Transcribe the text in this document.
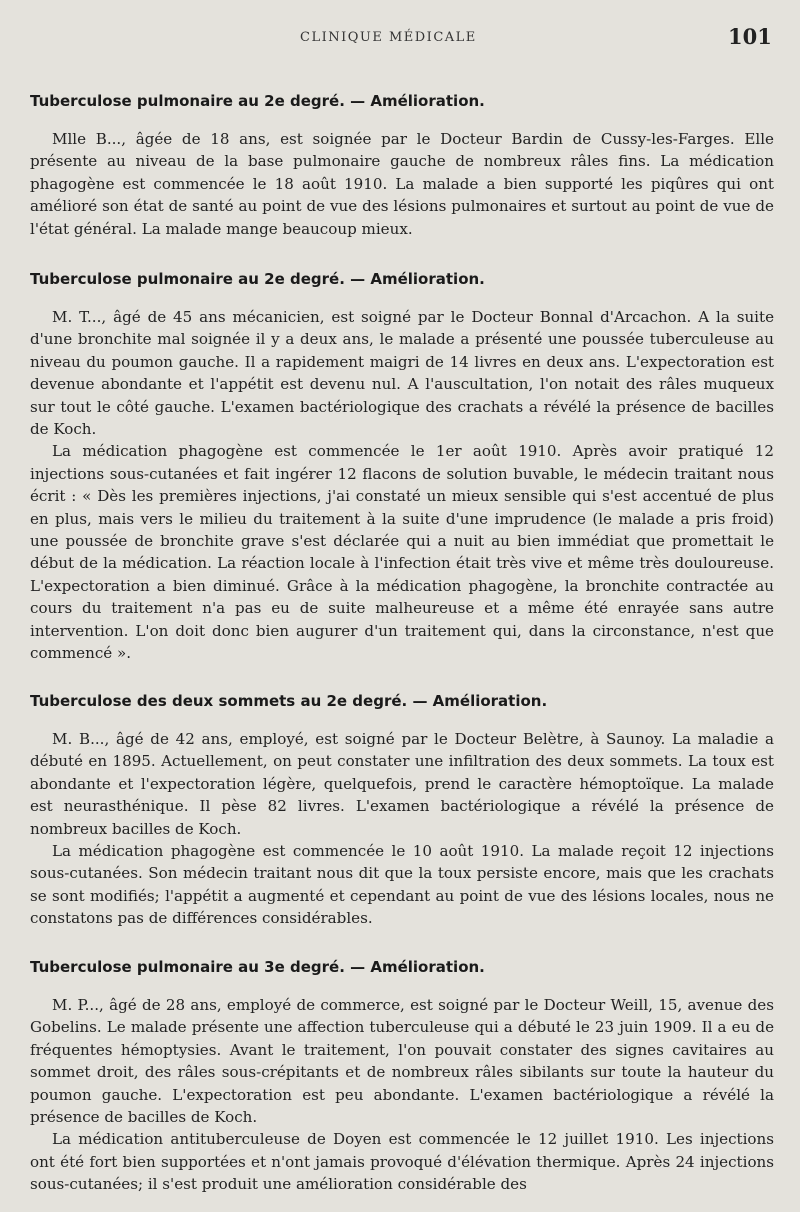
CLINIQUE MÉDICALE	101
Tuberculose pulmonaire au 2e degré. — Amélioration.

Mlle B..., âgée de 18 ans, est soignée par le Docteur Bardin de Cussy-les-Farges. Elle présente au niveau de la base pulmonaire gauche de nombreux râles fins. La médication phagogène est commencée le 18 août 1910. La malade a bien supporté les piqûres qui ont amélioré son état de santé au point de vue des lésions pulmonaires et surtout au point de vue de l'état général. La malade mange beaucoup mieux.

Tuberculose pulmonaire au 2e degré. — Amélioration.

M. T..., âgé de 45 ans mécanicien, est soigné par le Docteur Bonnal d'Arcachon. A la suite d'une bronchite mal soignée il y a deux ans, le malade a présenté une poussée tuberculeuse au niveau du poumon gauche. Il a rapidement maigri de 14 livres en deux ans. L'expectoration est devenue abondante et l'appétit est devenu nul. A l'auscultation, l'on notait des râles muqueux sur tout le côté gauche. L'examen bactériologique des crachats a révélé la présence de bacilles de Koch.

La médication phagogène est commencée le 1er août 1910. Après avoir pratiqué 12 injections sous-cutanées et fait ingérer 12 flacons de solution buvable, le médecin traitant nous écrit : « Dès les premières injections, j'ai constaté un mieux sensible qui s'est accentué de plus en plus, mais vers le milieu du traitement à la suite d'une imprudence (le malade a pris froid) une poussée de bronchite grave s'est déclarée qui a nuit au bien immédiat que promettait le début de la médication. La réaction locale à l'infection était très vive et même très douloureuse. L'expectoration a bien diminué. Grâce à la médication phagogène, la bronchite contractée au cours du traitement n'a pas eu de suite malheureuse et a même été enrayée sans autre intervention. L'on doit donc bien augurer d'un traitement qui, dans la circonstance, n'est que commencé ».

Tuberculose des deux sommets au 2e degré. — Amélioration.

M. B..., âgé de 42 ans, employé, est soigné par le Docteur Belètre, à Saunoy. La maladie a débuté en 1895. Actuellement, on peut constater une infiltration des deux sommets. La toux est abondante et l'expectoration légère, quelquefois, prend le caractère hémoptoïque. La malade est neurasthénique. Il pèse 82 livres. L'examen bactériologique a révélé la présence de nombreux bacilles de Koch.

La médication phagogène est commencée le 10 août 1910. La malade reçoit 12 injections sous-cutanées. Son médecin traitant nous dit que la toux persiste encore, mais que les crachats se sont modifiés; l'appétit a augmenté et cependant au point de vue des lésions locales, nous ne constatons pas de différences considérables.

Tuberculose pulmonaire au 3e degré. — Amélioration.

M. P..., âgé de 28 ans, employé de commerce, est soigné par le Docteur Weill, 15, avenue des Gobelins. Le malade présente une affection tuberculeuse qui a débuté le 23 juin 1909. Il a eu de fréquentes hémoptysies. Avant le traitement, l'on pouvait constater des signes cavitaires au sommet droit, des râles sous-crépitants et de nombreux râles sibilants sur toute la hauteur du poumon gauche. L'expectoration est peu abondante. L'examen bactériologique a révélé la présence de bacilles de Koch.

La médication antituberculeuse de Doyen est commencée le 12 juillet 1910. Les injections ont été fort bien supportées et n'ont jamais provoqué d'élévation thermique. Après 24 injections sous-cutanées; il s'est produit une amélioration considérable des
